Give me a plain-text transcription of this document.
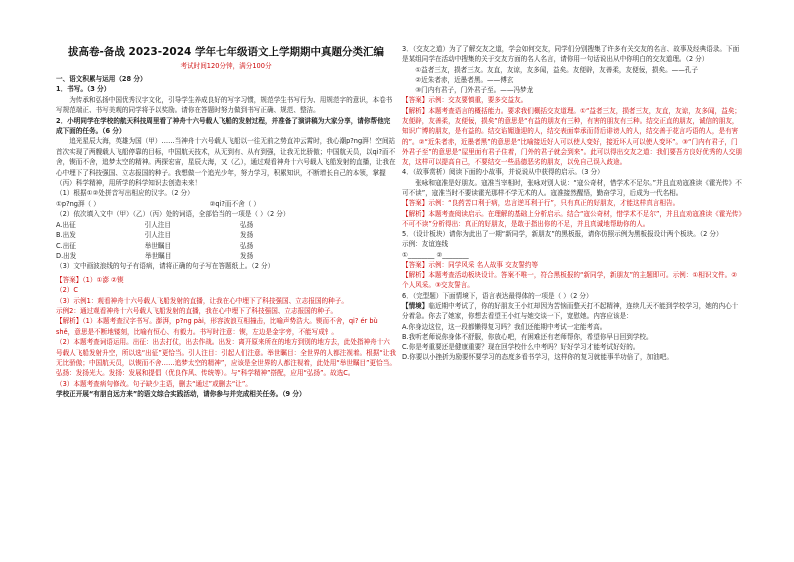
拔高卷-备战 2023-2024 学年七年级语文上学期期中真题分类汇编
考试时间120分钟，满分100分

一、语文积累与运用（28 分）

1．书写。（3 分）

为传承和弘扬中国优秀汉字文化，引导学生养成良好的写字习惯，规范学生书写行为、用规范字的意识，本卷书写规范端正、书写美观的同学将予以奖励。请你在答题时努力做到书写正确、规范、整洁。

2．小明同学在学校的航天科技周里看了神舟十六号载人飞船的发射过程，并准备了演讲稿为大家分享，请你帮他完成下面的任务。（6 分）

追光星辰大海，英雄为国（甲）……当神舟十六号载人飞船以一往无前之势直冲云霄时，我心潮p?ng湃！空间站首次实现了两艘载人飞船停靠的目标，中国航天技术，从无到有、从有到强，让我无比骄傲；中国航天员，以qi?而不舍，锲而不舍，追梦太空的精神。两探宏宙，星辰大海，又（乙），通过观看神舟十六号载人飞船发射的直播，让我在心中埋下了科技强国、立志报国的种子。我想做一个追光少年，努力学习，积累知识，不断增长自己的本领，掌握（丙）科学精神，用所学的科学知识去创造未来！

（1）根据①②处拼音写出相应的汉字。（2 分）

①p?ng湃（ ）	②qi?而不舍（ ）

（2）依次填入文中（甲）（乙）（丙）处的词语，全部恰当的一项是（ ）（2 分）

A.出征	引人注目	弘扬
B.出发	引人注目	发扬
C.出征	举世瞩目	弘扬
D.出发	举世瞩目	发扬

（3）文中画波浪线的句子有语病，请将正确的句子写在答题纸上。（2 分）

【答案】（1）①澎 ②锲

（2）C

（3）示例1：观看神舟十六号载人飞船发射的直播，让我在心中埋下了科技强国、立志报国的种子。

示例2：通过观看神舟十六号载人飞船发射的直播，我在心中埋下了科技强国、立志报国的种子。

【解析】（1）本题考查汉字书写。澎湃，p?ng pài，形容波浪互相撞击，比喻声势浩大。锲而不舍，qi? ér bù shě，意思是不断地镂刻，比喻有恒心、有毅力。书写时注意：锲，左边是金字旁，不能写成钅。

（2）本题考查词语运用。出征：出去打仗，出去作战。出发：离开原来所在的地方到别的地方去，此处指神舟十六号载人飞船发射升空，所以选“出征”更恰当。引人注目：引起人们注意。举世瞩目：全世界的人都注视着。根据“让我无比骄傲；中国航天员，以锲而不舍……追梦太空的精神”，应该是全世界的人都注视着，此处用“举世瞩目”更恰当。弘扬：发扬光大。发扬：发展和提倡（优良作风、传统等）。与“科学精神”搭配，应用“弘扬”。故选C。

（3）本题考查病句修改。句子缺少主语，删去“通过”或删去“让”。

学校正开展“有朋自远方来”的语文综合实践活动，请你参与并完成相关任务。（9 分）

3．（交友之道）为了了解交友之道，学会如何交友，同学们分别搜集了许多有关交友的名言、故事及经典语录。下面是某组同学在活动中搜集的关于交友方面的名人名言，请你用一句话说出从中你明白的交友道理。（2 分）

①益者三友，损者三友。友直，友谅，友多闻，益矣。友便辟，友善柔，友便佞，损矣。——孔子

②近朱者赤，近墨者黑。——傅玄

③门内有君子，门外君子至。——冯梦龙

【答案】示例：交友要慎重，要多交益友。

【解析】本题考查语言的概括能力。要求我们概括交友道理。①“益者三友，损者三友，友直，友谅，友多闻，益矣；友便辟，友善柔，友便佞，损矣”的意思是“有益的朋友有三种，有害的朋友有三种。结交正直的朋友，诚信的朋友，知识广博的朋友，是有益的。结交谄媚逢迎的人，结交表面奉承而背后诽谤人的人，结交善于花言巧语的人，是有害的”。②“近朱者赤，近墨者黑”的意思是“比喻接近好人可以使人变好，接近坏人可以使人变坏”。③“门内有君子，门外君子至”的意思是“屋里面有君子住着，门外的君子就会到来”。此可以得出交友之道：我们要吾方良好优秀的人交朋友，这样可以提高自己，不要结交一些品德恶劣的朋友，以免自己误入歧途。

4．（故事赏析）阅读下面的小故事，并说说从中获得的启示。（3 分）

张咏和寇准是好朋友。寇准当宰相时，张咏对别人说：“寇公奇材，惜学术不足尔。”并且直劝寇准读《霍光传》不可不读”，寇准当时不要读霍光那样不学无术的人。寇准接然醒悟，勤奋学习，后成为一代名相。

【答案】示例：“良药苦口利于病，忠言逆耳利于行”，只有真正的好朋友，才能这样真言相告。

【解析】本题考查阅读启示。在理解的基础上分析启示。结合“寇公奇材，惜学术不足尔”，并且直劝寇准读《霍光传》不可不读”分析得出：真正的好朋友，是敢于指出你的不足，并且真诚地帮助你的人。

5．（设计板块）请你为此出了一期“新同学，新朋友”的黑板报，请你仿照示例为黑板报设计两个板块。（2 分）

示例：友谊连线

①________ ②________

【答案】示例：同学风采 名人故事 交友誓约等

【解析】本题考查活动板块设计。答案不唯一，符合黑板报的“新同学，新朋友”的主题即可。示例：①相识文件。②个人风采。③交友誓言。

6．（完型题）下面情境下，语言表达最得体的一项是（ ）（2 分）

【情境】临近期中考试了，你的好朋友王小红却因为苦恼而整天打不起精神，连续几天不能到学校学习，她的内心十分着急。你去了她家，你想去看望王小红与她交谈一下，宽慰她。内容应该是：

A.你身边这位，这一段都懒得复习吗？我们还能期中考试一定能考高。

B.我听老师说你身体不舒服，你放心吧，有困难还有老师帮你，希望你早日回到学校。

C.你是考重要还是健康重要？现在回学校什么中考吗？好好学习才能考试好好的。

D.你要以小挫折为励要怀要学习的态度多看书学习，这样你的复习就能事半功倍了，加油吧。
